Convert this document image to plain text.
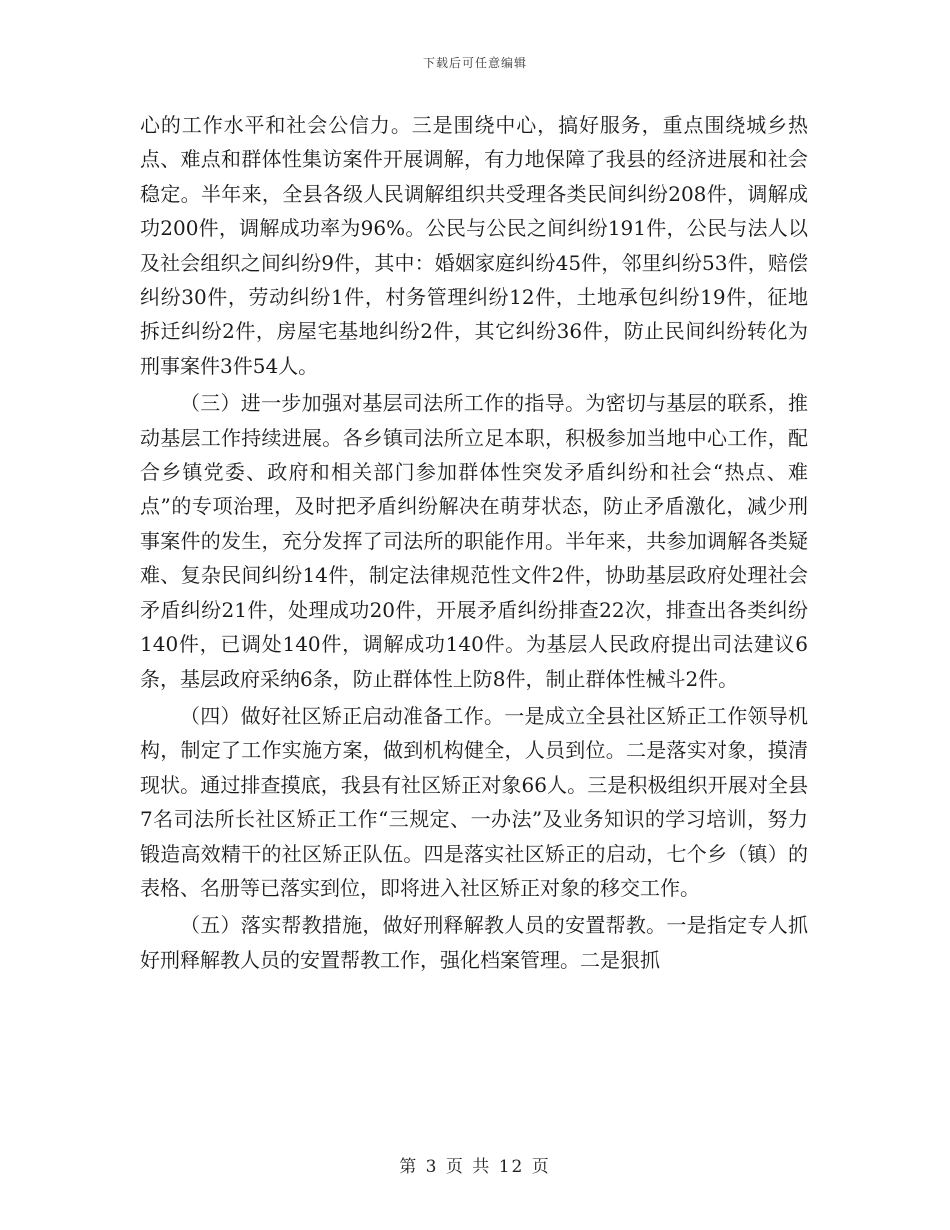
下载后可任意编辑

心的工作水平和社会公信力。三是围绕中心，搞好服务，重点围绕城乡热点、难点和群体性集访案件开展调解，有力地保障了我县的经济进展和社会稳定。半年来，全县各级人民调解组织共受理各类民间纠纷208件，调解成功200件，调解成功率为96%。公民与公民之间纠纷191件，公民与法人以及社会组织之间纠纷9件，其中：婚姻家庭纠纷45件，邻里纠纷53件，赔偿纠纷30件，劳动纠纷1件，村务管理纠纷12件，土地承包纠纷19件，征地拆迁纠纷2件，房屋宅基地纠纷2件，其它纠纷36件，防止民间纠纷转化为刑事案件3件54人。

（三）进一步加强对基层司法所工作的指导。为密切与基层的联系，推动基层工作持续进展。各乡镇司法所立足本职，积极参加当地中心工作，配合乡镇党委、政府和相关部门参加群体性突发矛盾纠纷和社会“热点、难点”的专项治理，及时把矛盾纠纷解决在萌芽状态，防止矛盾激化，减少刑事案件的发生，充分发挥了司法所的职能作用。半年来，共参加调解各类疑难、复杂民间纠纷14件，制定法律规范性文件2件，协助基层政府处理社会矛盾纠纷21件，处理成功20件，开展矛盾纠纷排查22次，排查出各类纠纷140件，已调处140件，调解成功140件。为基层人民政府提出司法建议6条，基层政府采纳6条，防止群体性上防8件，制止群体性械斗2件。

（四）做好社区矫正启动准备工作。一是成立全县社区矫正工作领导机构，制定了工作实施方案，做到机构健全，人员到位。二是落实对象，摸清现状。通过排查摸底，我县有社区矫正对象66人。三是积极组织开展对全县7名司法所长社区矫正工作“三规定、一办法”及业务知识的学习培训，努力锻造高效精干的社区矫正队伍。四是落实社区矫正的启动，七个乡（镇）的表格、名册等已落实到位，即将进入社区矫正对象的移交工作。

（五）落实帮教措施，做好刑释解教人员的安置帮教。一是指定专人抓好刑释解教人员的安置帮教工作，强化档案管理。二是狠抓

第 3 页 共 12 页
